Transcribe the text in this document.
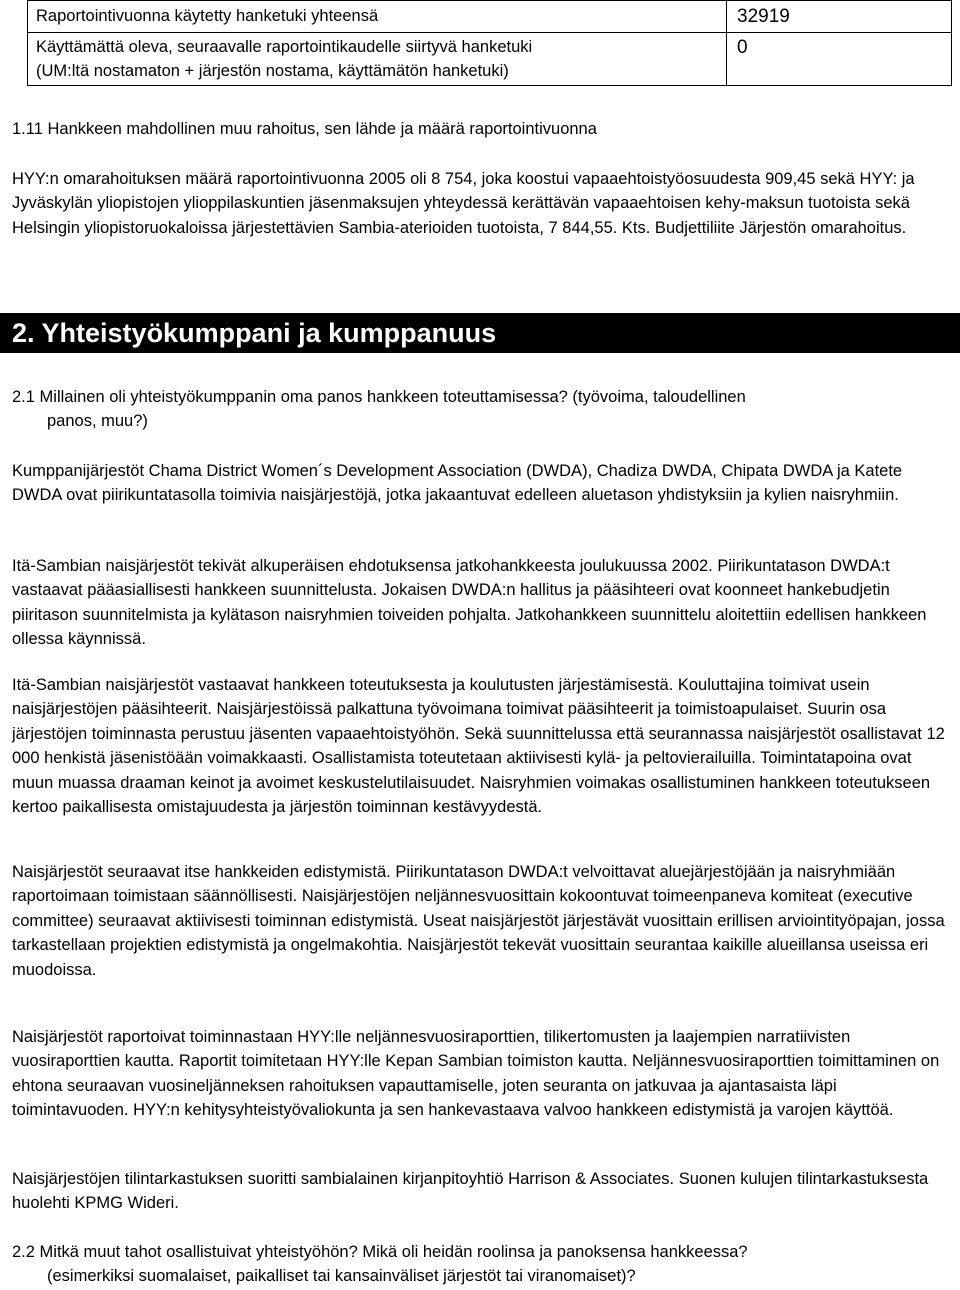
Raportointivuonna käytetty hanketuki yhteensä	32919

Käyttämättä oleva, seuraavalle raportointikaudelle siirtyvä hanketuki
(UM:ltä nostamaton + järjestön nostama, käyttämätön hanketuki)	0

1.11 Hankkeen mahdollinen muu rahoitus, sen lähde ja määrä raportointivuonna

HYY:n omarahoituksen määrä raportointivuonna 2005 oli 8 754, joka koostui vapaaehtoistyöosuudesta 909,45 sekä HYY: ja Jyväskylän yliopistojen ylioppilaskuntien jäsenmaksujen yhteydessä kerättävän vapaaehtoisen kehy-maksun tuotoista sekä Helsingin yliopistoruokaloissa järjestettävien Sambia-aterioiden tuotoista, 7 844,55. Kts. Budjettiliite Järjestön omarahoitus.

2. Yhteistyökumppani ja kumppanuus
2.1 Millainen oli yhteistyökumppanin oma panos hankkeen toteuttamisessa? (työvoima, taloudellinen
panos, muu?)

Kumppanijärjestöt Chama District Women´s Development Association (DWDA), Chadiza DWDA, Chipata DWDA ja Katete DWDA ovat piirikuntatasolla toimivia naisjärjestöjä, jotka jakaantuvat edelleen aluetason yhdistyksiin ja kylien naisryhmiin.

Itä-Sambian naisjärjestöt tekivät alkuperäisen ehdotuksensa jatkohankkeesta joulukuussa 2002. Piirikuntatason DWDA:t vastaavat pääasiallisesti hankkeen suunnittelusta. Jokaisen DWDA:n hallitus ja pääsihteeri ovat koonneet hankebudjetin piiritason suunnitelmista ja kylätason naisryhmien toiveiden pohjalta. Jatkohankkeen suunnittelu aloitettiin edellisen hankkeen ollessa käynnissä.

Itä-Sambian naisjärjestöt vastaavat hankkeen toteutuksesta ja koulutusten järjestämisestä. Kouluttajina toimivat usein naisjärjestöjen pääsihteerit. Naisjärjestöissä palkattuna työvoimana toimivat pääsihteerit ja toimistoapulaiset. Suurin osa järjestöjen toiminnasta perustuu jäsenten vapaaehtoistyöhön. Sekä suunnittelussa että seurannassa naisjärjestöt osallistavat 12 000 henkistä jäsenistöään voimakkaasti. Osallistamista toteutetaan aktiivisesti kylä- ja peltovierailuilla. Toimintatapoina ovat muun muassa draaman keinot ja avoimet keskustelutilaisuudet. Naisryhmien voimakas osallistuminen hankkeen toteutukseen kertoo paikallisesta omistajuudesta ja järjestön toiminnan kestävyydestä.

Naisjärjestöt seuraavat itse hankkeiden edistymistä. Piirikuntatason DWDA:t velvoittavat aluejärjestöjään ja naisryhmiään raportoimaan toimistaan säännöllisesti. Naisjärjestöjen neljännesvuosittain kokoontuvat toimeenpaneva komiteat (executive committee) seuraavat aktiivisesti toiminnan edistymistä. Useat naisjärjestöt järjestävät vuosittain erillisen arviointityöpajan, jossa tarkastellaan projektien edistymistä ja ongelmakohtia. Naisjärjestöt tekevät vuosittain seurantaa kaikille alueillansa useissa eri muodoissa.

Naisjärjestöt raportoivat toiminnastaan HYY:lle neljännesvuosiraporttien, tilikertomusten ja laajempien narratiivisten vuosiraporttien kautta. Raportit toimitetaan HYY:lle Kepan Sambian toimiston kautta. Neljännesvuosiraporttien toimittaminen on ehtona seuraavan vuosineljänneksen rahoituksen vapauttamiselle, joten seuranta on jatkuvaa ja ajantasaista läpi toimintavuoden. HYY:n kehitysyhteistyövaliokunta ja sen hankevastaava valvoo hankkeen edistymistä ja varojen käyttöä.

Naisjärjestöjen tilintarkastuksen suoritti sambialainen kirjanpitoyhtiö Harrison & Associates. Suonen kulujen tilintarkastuksesta huolehti KPMG Wideri.

2.2 Mitkä muut tahot osallistuivat yhteistyöhön? Mikä oli heidän roolinsa ja panoksensa hankkeessa?
(esimerkiksi suomalaiset, paikalliset tai kansainväliset järjestöt tai viranomaiset)?
